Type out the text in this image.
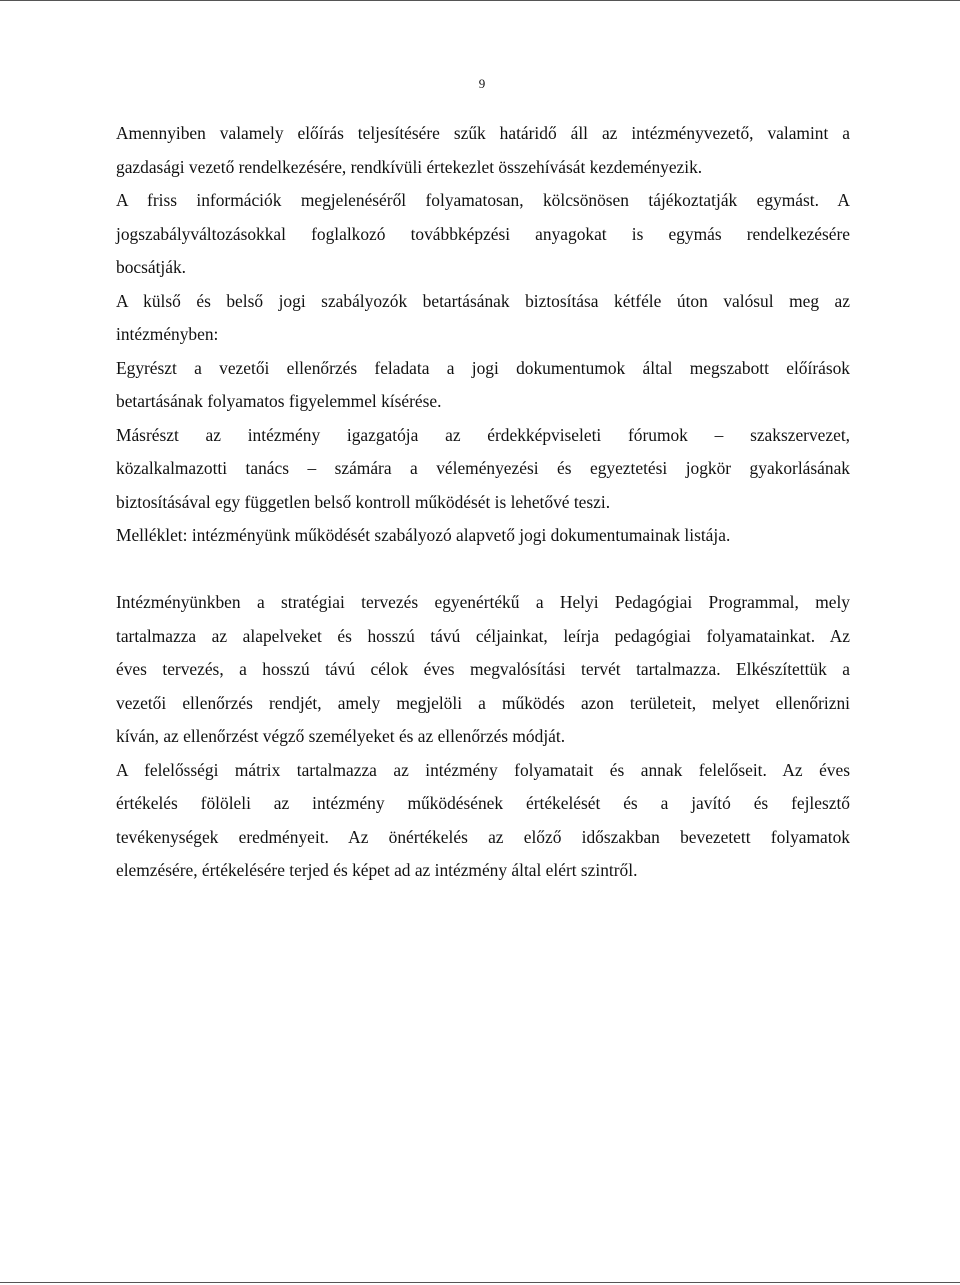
9

Amennyiben valamely előírás teljesítésére szűk határidő áll az intézményvezető, valamint a

gazdasági vezető rendelkezésére, rendkívüli értekezlet összehívását kezdeményezik.

A friss információk megjelenéséről folyamatosan, kölcsönösen tájékoztatják egymást. A

jogszabályváltozásokkal foglalkozó továbbképzési anyagokat is egymás rendelkezésére

bocsátják.

A külső és belső jogi szabályozók betartásának biztosítása kétféle úton valósul meg az

intézményben:

Egyrészt a vezetői ellenőrzés feladata a jogi dokumentumok által megszabott előírások

betartásának folyamatos figyelemmel kísérése.

Másrészt az intézmény igazgatója az érdekképviseleti fórumok – szakszervezet,

közalkalmazotti tanács – számára a véleményezési és egyeztetési jogkör gyakorlásának

biztosításával egy független belső kontroll működését is lehetővé teszi.

Melléklet: intézményünk működését szabályozó alapvető jogi dokumentumainak listája.

Intézményünkben a stratégiai tervezés egyenértékű a Helyi Pedagógiai Programmal, mely

tartalmazza az alapelveket és hosszú távú céljainkat, leírja pedagógiai folyamatainkat. Az

éves tervezés, a hosszú távú célok éves megvalósítási tervét tartalmazza. Elkészítettük a

vezetői ellenőrzés rendjét, amely megjelöli a működés azon területeit, melyet ellenőrizni

kíván, az ellenőrzést végző személyeket és az ellenőrzés módját.

A felelősségi mátrix tartalmazza az intézmény folyamatait és annak felelőseit. Az éves

értékelés fölöleli az intézmény működésének értékelését és a javító és fejlesztő

tevékenységek eredményeit. Az önértékelés az előző időszakban bevezetett folyamatok

elemzésére, értékelésére terjed és képet ad az intézmény által elért szintről.
